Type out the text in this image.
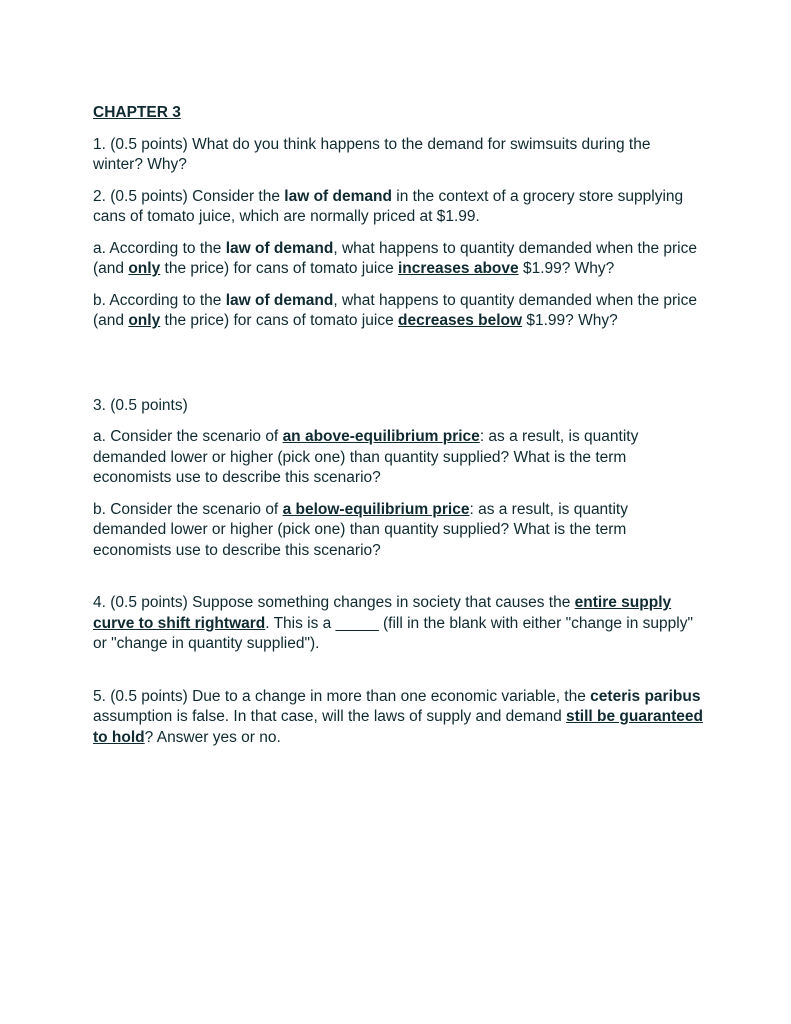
CHAPTER 3

1. (0.5 points) What do you think happens to the demand for swimsuits during the winter? Why?

2. (0.5 points) Consider the law of demand in the context of a grocery store supplying cans of tomato juice, which are normally priced at $1.99.

a. According to the law of demand, what happens to quantity demanded when the price (and only the price) for cans of tomato juice increases above $1.99? Why?

b. According to the law of demand, what happens to quantity demanded when the price (and only the price) for cans of tomato juice decreases below $1.99? Why?

3. (0.5 points)

a. Consider the scenario of an above-equilibrium price: as a result, is quantity demanded lower or higher (pick one) than quantity supplied? What is the term economists use to describe this scenario?

b. Consider the scenario of a below-equilibrium price: as a result, is quantity demanded lower or higher (pick one) than quantity supplied? What is the term economists use to describe this scenario?

4. (0.5 points) Suppose something changes in society that causes the entire supply curve to shift rightward. This is a _____ (fill in the blank with either "change in supply" or "change in quantity supplied").

5. (0.5 points) Due to a change in more than one economic variable, the ceteris paribus assumption is false. In that case, will the laws of supply and demand still be guaranteed to hold? Answer yes or no.
